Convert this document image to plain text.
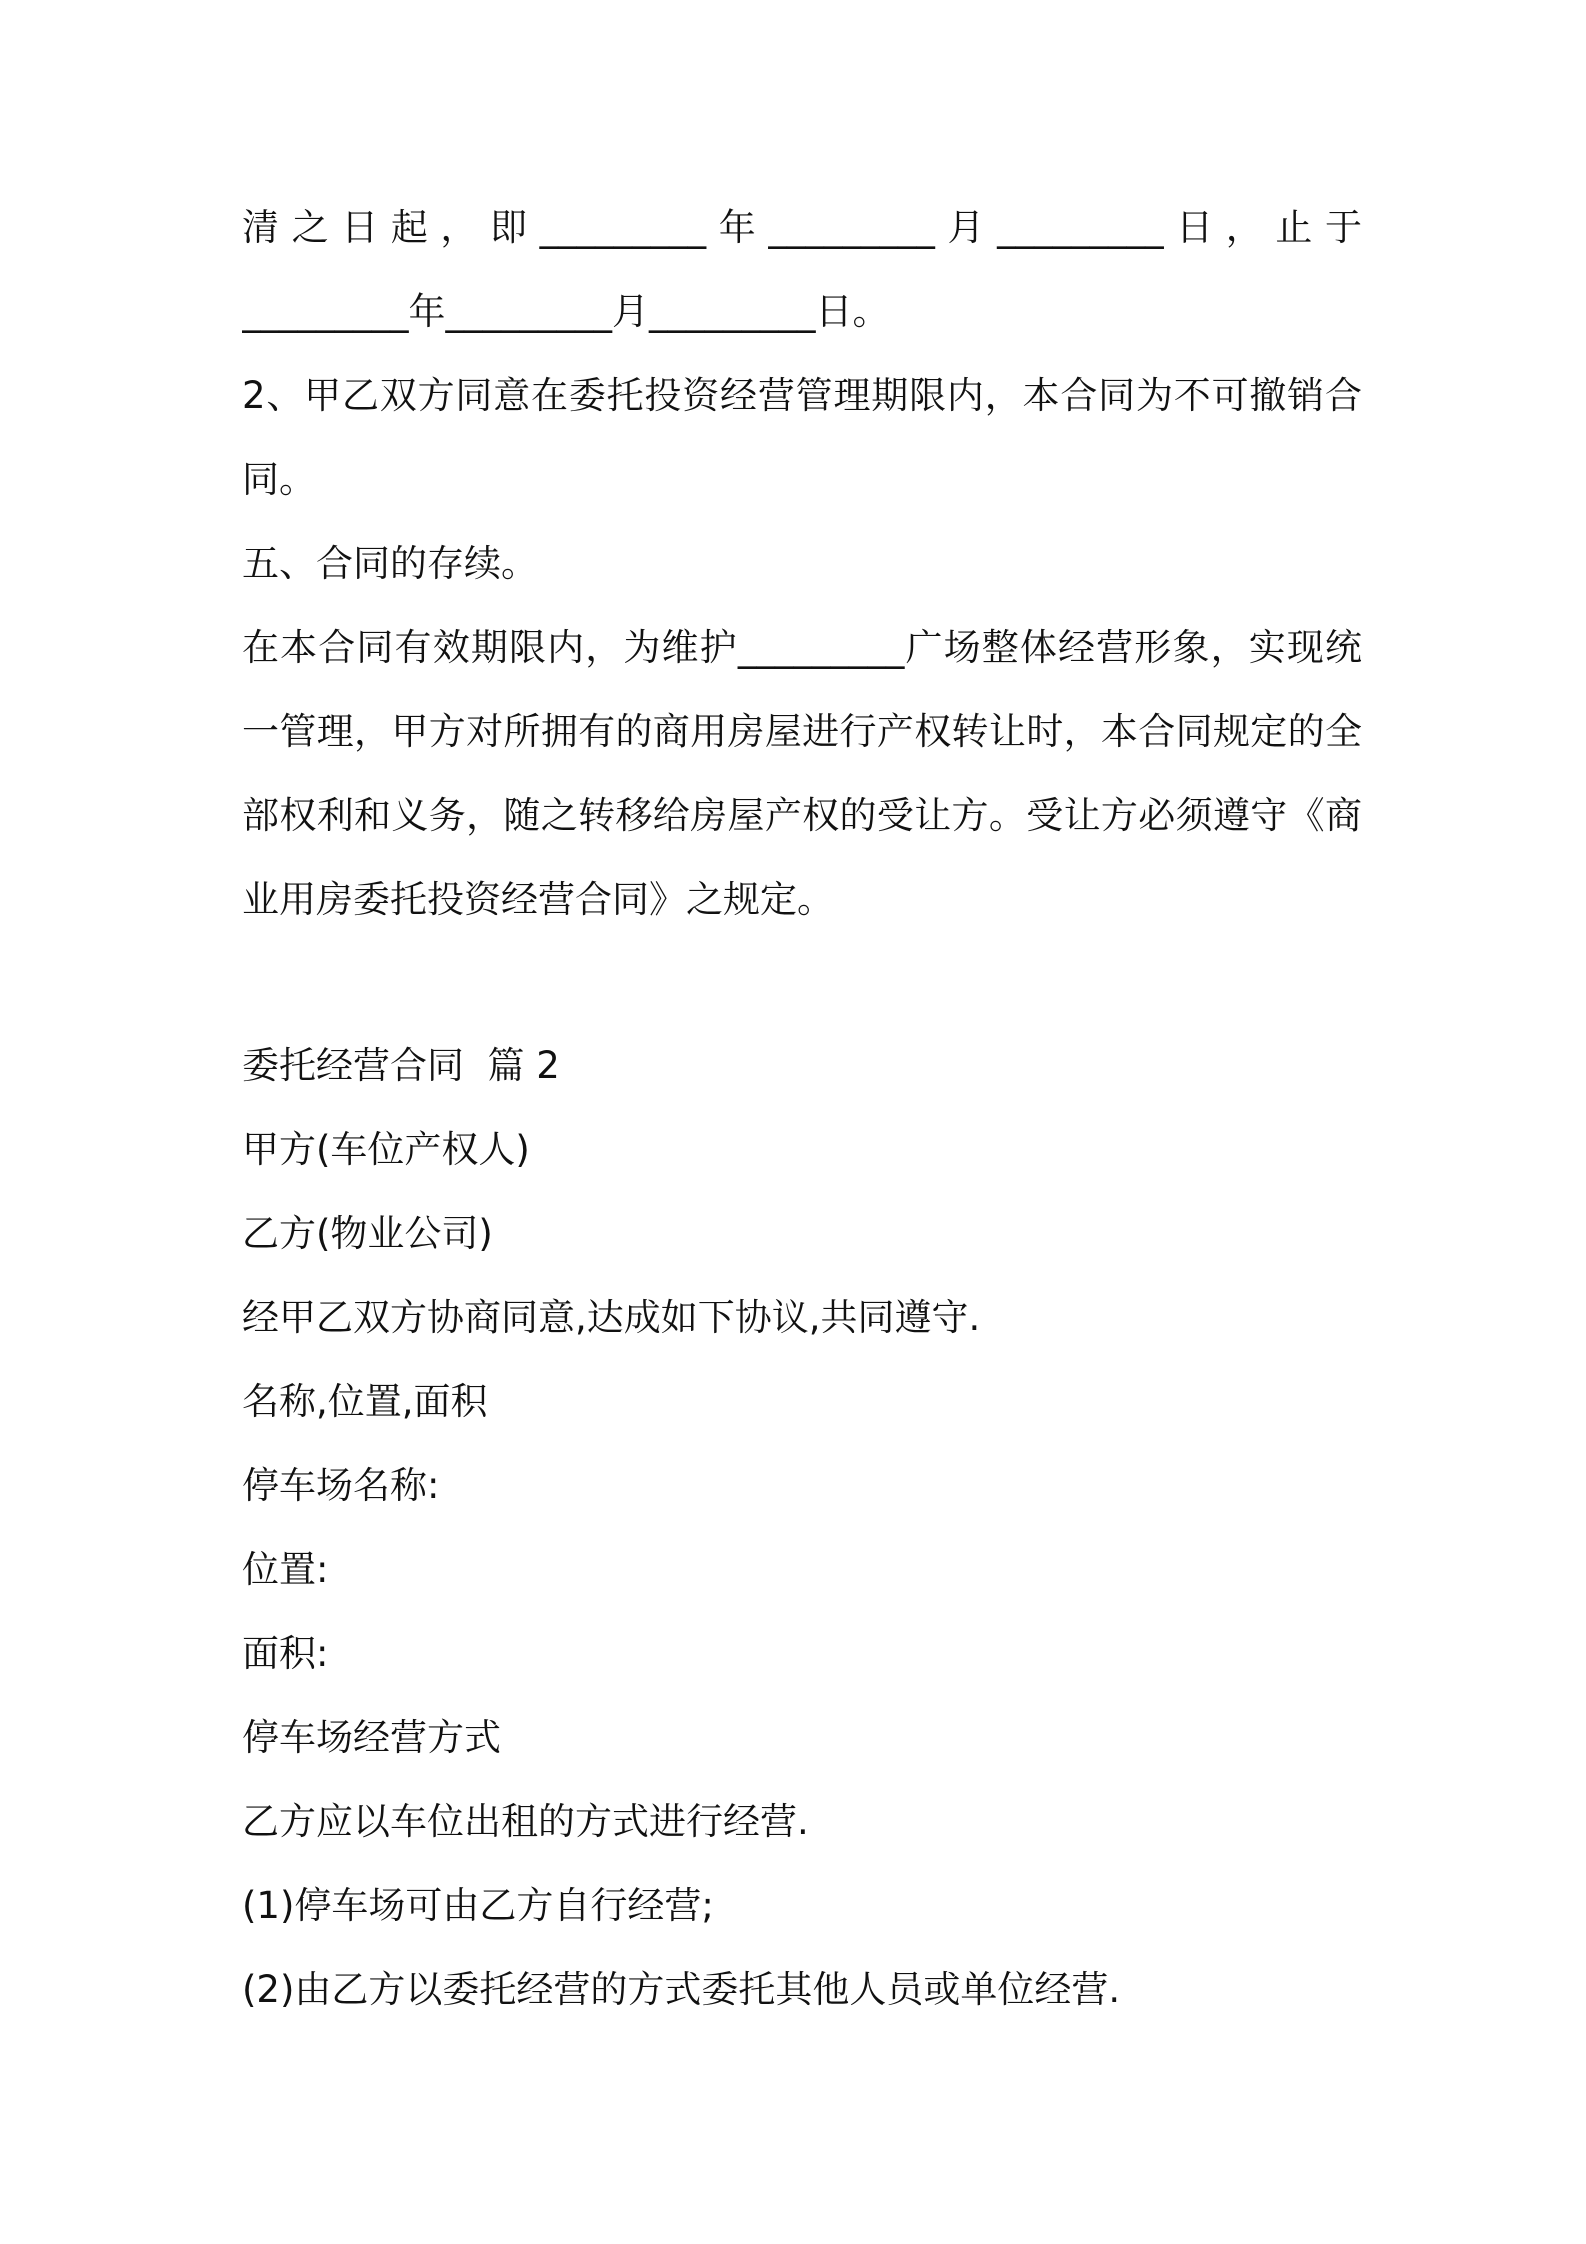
清之日起，即_________年_________月_________日，止于
_________年_________月_________日。
2、甲乙双方同意在委托投资经营管理期限内，本合同为不可撤销合
同。
五、合同的存续。
在本合同有效期限内，为维护_________广场整体经营形象，实现统
一管理，甲方对所拥有的商用房屋进行产权转让时，本合同规定的全
部权利和义务，随之转移给房屋产权的受让方。受让方必须遵守《商
业用房委托投资经营合同》之规定。
委托经营合同  篇 2
甲方(车位产权人)
乙方(物业公司)
经甲乙双方协商同意,达成如下协议,共同遵守.
名称,位置,面积
停车场名称:
位置:
面积:
停车场经营方式
乙方应以车位出租的方式进行经营.
(1)停车场可由乙方自行经营;
(2)由乙方以委托经营的方式委托其他人员或单位经营.
